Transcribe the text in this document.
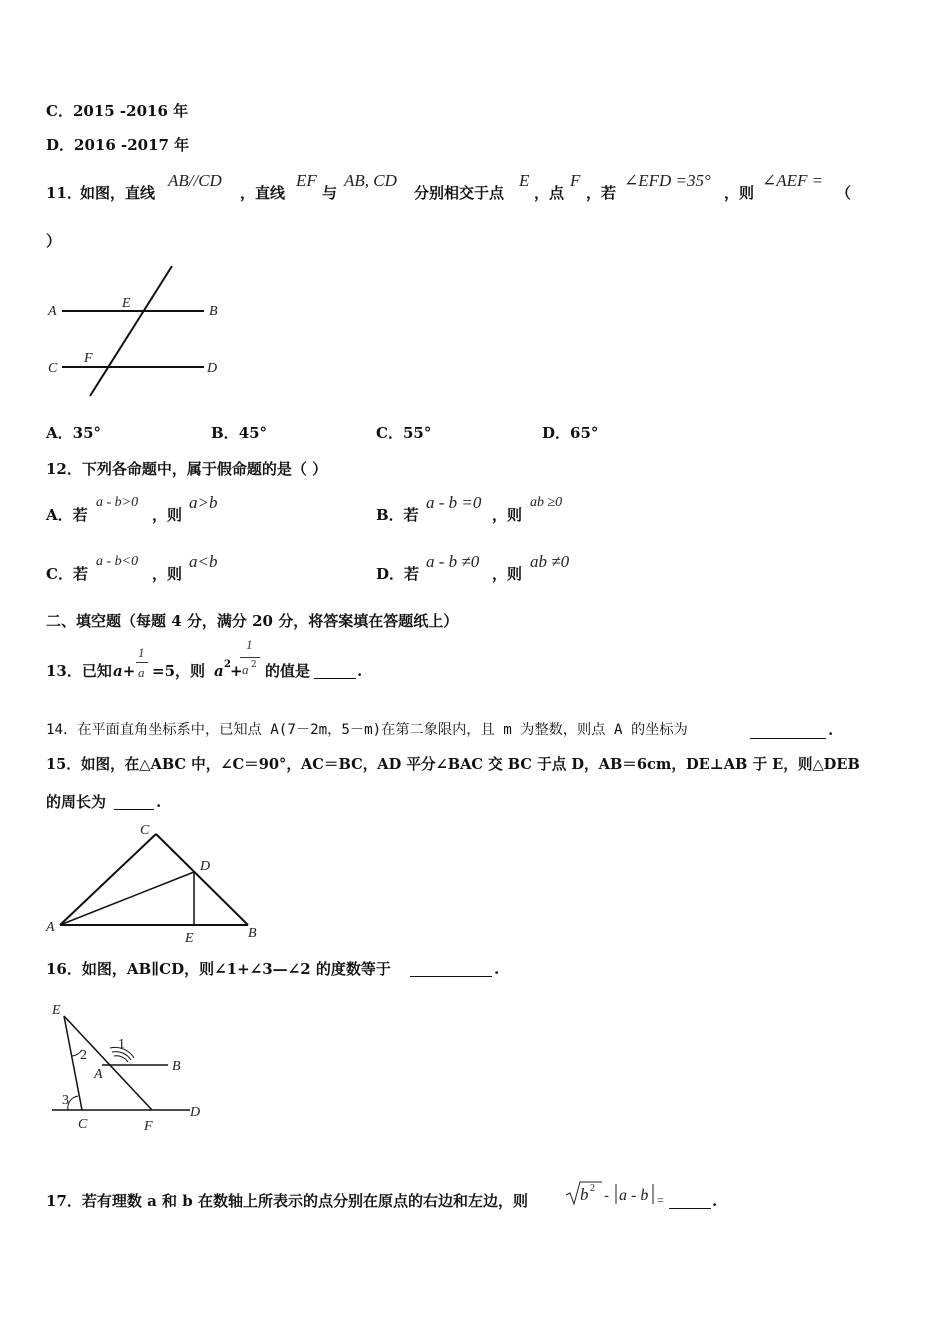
C．2015 -2016 年
D．2016 -2017 年
11．
如图，直线
AB//CD
，直线
EF
与
AB, CD
分别相交于点
E
，点
F
，若
∠EFD =35°
，则
∠AEF =
（
）
A
E
B
C
F
D
A．35°	B．45°	C．55°	D．65°
12．下列各命题中，属于假命题的是（ ）
A．若
a - b>0
，则
a>b
B．若
a - b =0
，则
ab ≥0
C．若
a - b<0
，则
a<b
D．若
a - b ≠0
，则
ab ≠0
二、填空题（每题 4 分，满分 20 分，将答案填在答题纸上）
13．已知 a+
1
a =5，则 a 2 +
1
a 2 的值是	.
14．在平面直角坐标系中，已知点 A(7－2m，5－m)在第二象限内，且 m 为整数，则点 A 的坐标为	.
15．如图，在△ABC 中，∠C＝90°，AC＝BC，AD 平分∠BAC 交 BC 于点 D，AB＝6cm，DE⊥AB 于 E，则△DEB
的周长为	.
A
C
D
E	B
16．如图，AB∥CD，则∠1+∠3—∠2 的度数等于	.
E
A
B
C	F
D
1
2
3
17．若有理数 a 和 b 在数轴上所表示的点分别在原点的右边和左边，则	b 2 - a - b =	.
